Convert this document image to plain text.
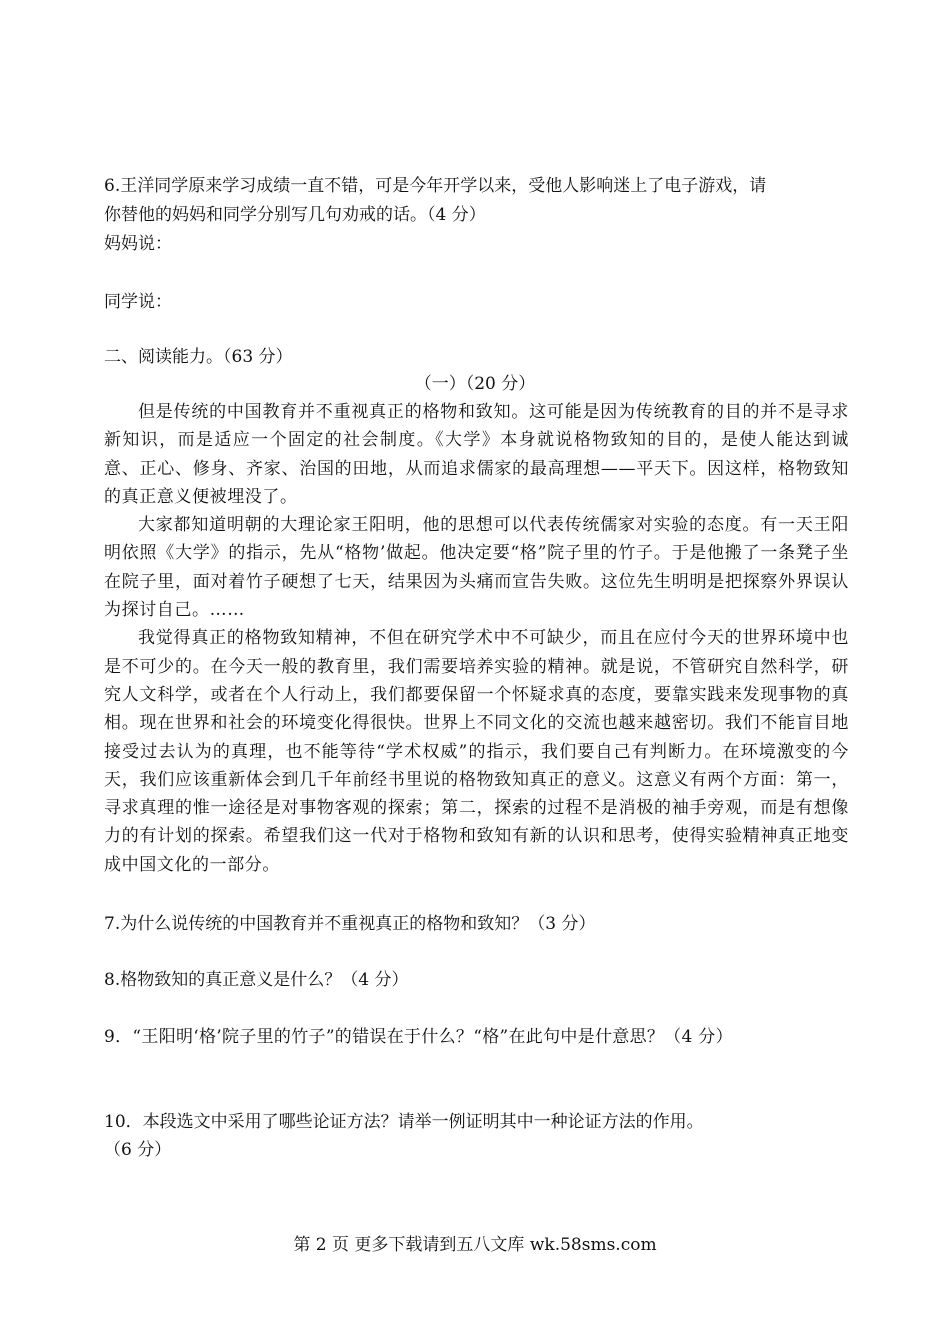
6.王洋同学原来学习成绩一直不错，可是今年开学以来，受他人影响迷上了电子游戏，请
你替他的妈妈和同学分别写几句劝戒的话。（4 分）
妈妈说：
同学说：
二、阅读能力。（63 分）
（一）（20 分）

但是传统的中国教育并不重视真正的格物和致知。这可能是因为传统教育的目的并不是寻求新知识，而是适应一个固定的社会制度。《大学》本身就说格物致知的目的，是使人能达到诚意、正心、修身、齐家、治国的田地，从而追求儒家的最高理想——平天下。因这样，格物致知的真正意义便被埋没了。

大家都知道明朝的大理论家王阳明，他的思想可以代表传统儒家对实验的态度。有一天王阳明依照《大学》的指示，先从“格物’做起。他决定要“格”院子里的竹子。于是他搬了一条凳子坐在院子里，面对着竹子硬想了七天，结果因为头痛而宣告失败。这位先生明明是把探察外界误认为探讨自己。……

我觉得真正的格物致知精神，不但在研究学术中不可缺少，而且在应付今天的世界环境中也是不可少的。在今天一般的教育里，我们需要培养实验的精神。就是说，不管研究自然科学，研究人文科学，或者在个人行动上，我们都要保留一个怀疑求真的态度，要靠实践来发现事物的真相。现在世界和社会的环境变化得很快。世界上不同文化的交流也越来越密切。我们不能盲目地接受过去认为的真理，也不能等待“学术权威”的指示，我们要自己有判断力。在环境激变的今天，我们应该重新体会到几千年前经书里说的格物致知真正的意义。这意义有两个方面：第一，寻求真理的惟一途径是对事物客观的探索；第二，探索的过程不是消极的袖手旁观，而是有想像力的有计划的探索。希望我们这一代对于格物和致知有新的认识和思考，使得实验精神真正地变成中国文化的一部分。

7.为什么说传统的中国教育并不重视真正的格物和致知？（3 分）
8.格物致知的真正意义是什么？（4 分）
9．“王阳明‘格’院子里的竹子”的错误在于什么？“格”在此句中是什意思？（4 分）
10．本段选文中采用了哪些论证方法？请举一例证明其中一种论证方法的作用。
（6 分）
第 2 页 更多下载请到五八文库 wk.58sms.com
